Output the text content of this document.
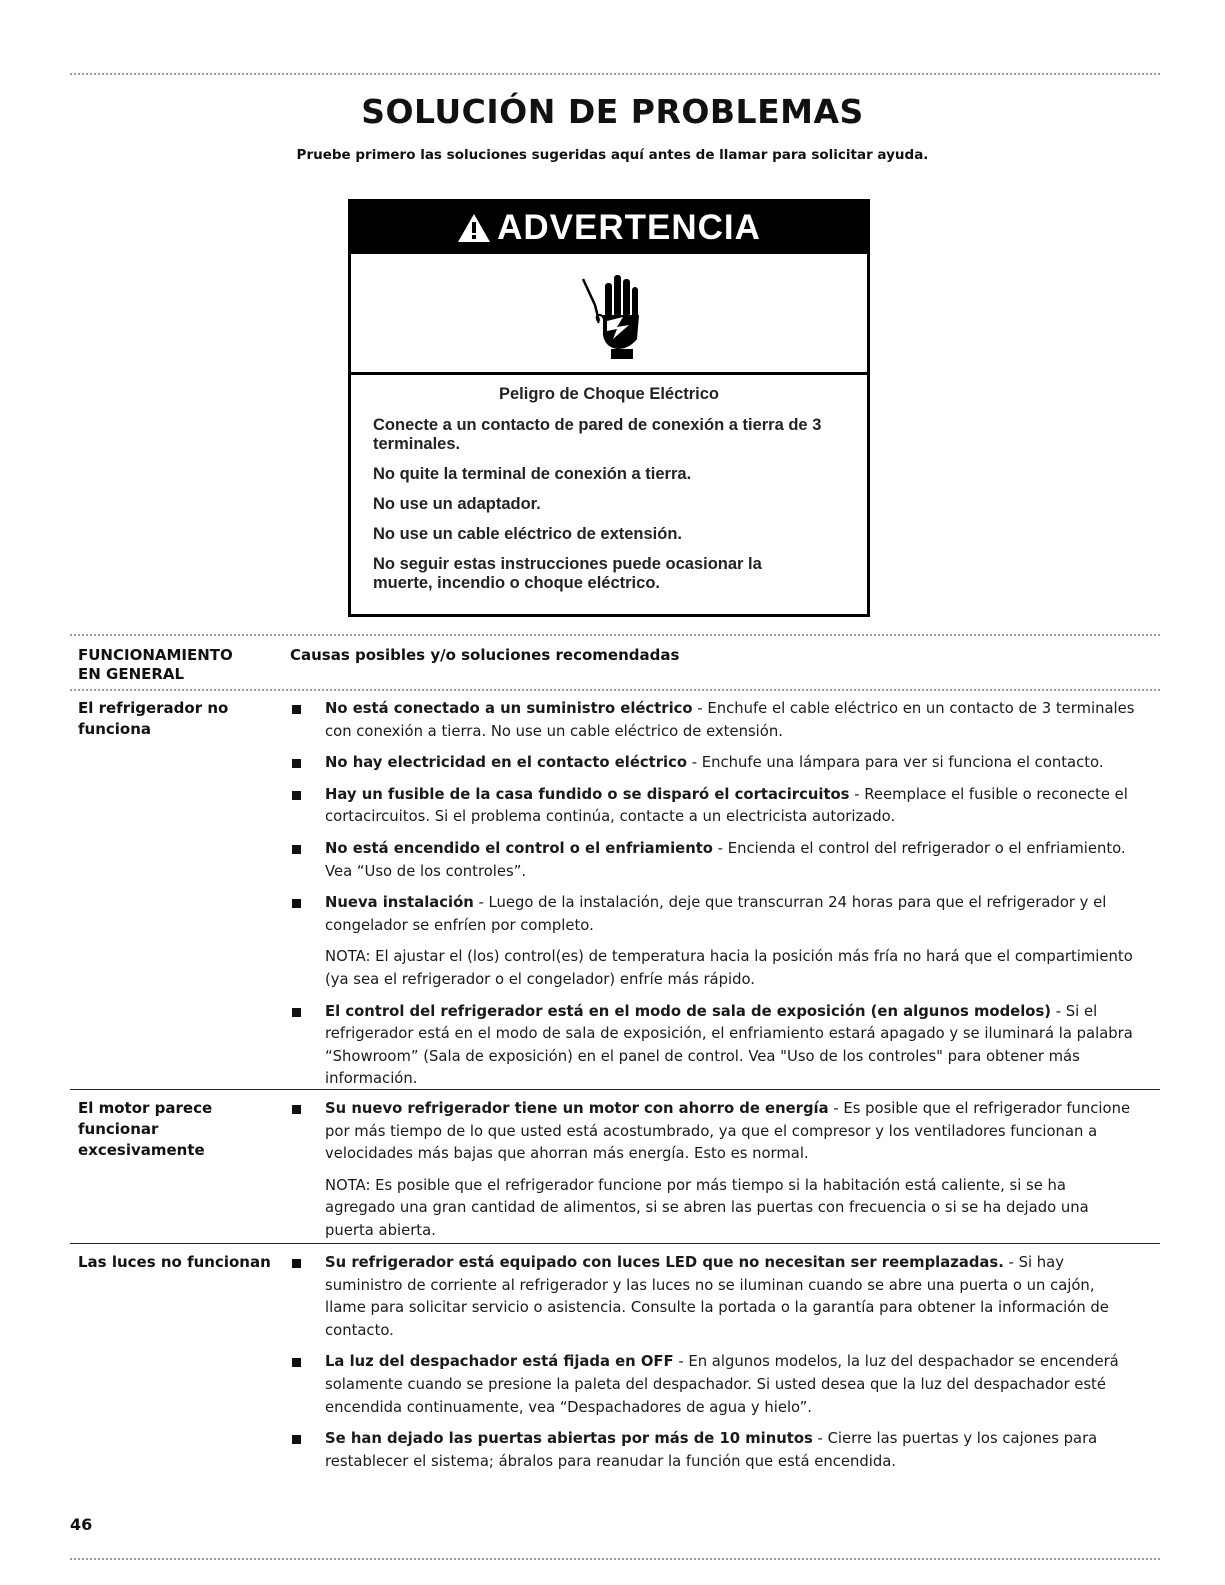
SOLUCIÓN DE PROBLEMAS

Pruebe primero las soluciones sugeridas aquí antes de llamar para solicitar ayuda.

ADVERTENCIA

Peligro de Choque Eléctrico

Conecte a un contacto de pared de conexión a tierra de 3 terminales.

No quite la terminal de conexión a tierra.

No use un adaptador.

No use un cable eléctrico de extensión.

No seguir estas instrucciones puede ocasionar la muerte, incendio o choque eléctrico.

FUNCIONAMIENTO EN GENERAL
Causas posibles y/o soluciones recomendadas
El refrigerador no funciona
No está conectado a un suministro eléctrico - Enchufe el cable eléctrico en un contacto de 3 terminales con conexión a tierra. No use un cable eléctrico de extensión.
No hay electricidad en el contacto eléctrico - Enchufe una lámpara para ver si funciona el contacto.
Hay un fusible de la casa fundido o se disparó el cortacircuitos - Reemplace el fusible o reconecte el cortacircuitos. Si el problema continúa, contacte a un electricista autorizado.
No está encendido el control o el enfriamiento - Encienda el control del refrigerador o el enfriamiento. Vea “Uso de los controles”.
Nueva instalación - Luego de la instalación, deje que transcurran 24 horas para que el refrigerador y el congelador se enfríen por completo.
NOTA: El ajustar el (los) control(es) de temperatura hacia la posición más fría no hará que el compartimiento (ya sea el refrigerador o el congelador) enfríe más rápido.
El control del refrigerador está en el modo de sala de exposición (en algunos modelos) - Si el refrigerador está en el modo de sala de exposición, el enfriamiento estará apagado y se iluminará la palabra “Showroom” (Sala de exposición) en el panel de control. Vea "Uso de los controles" para obtener más información.
El motor parece funcionar excesivamente
Su nuevo refrigerador tiene un motor con ahorro de energía - Es posible que el refrigerador funcione por más tiempo de lo que usted está acostumbrado, ya que el compresor y los ventiladores funcionan a velocidades más bajas que ahorran más energía. Esto es normal.
NOTA: Es posible que el refrigerador funcione por más tiempo si la habitación está caliente, si se ha agregado una gran cantidad de alimentos, si se abren las puertas con frecuencia o si se ha dejado una puerta abierta.
Las luces no funcionan	Su refrigerador está equipado con luces LED que no necesitan ser reemplazadas. - Si hay suministro de corriente al refrigerador y las luces no se iluminan cuando se abre una puerta o un cajón, llame para solicitar servicio o asistencia. Consulte la portada o la garantía para obtener la información de contacto.
La luz del despachador está fijada en OFF - En algunos modelos, la luz del despachador se encenderá solamente cuando se presione la paleta del despachador. Si usted desea que la luz del despachador esté encendida continuamente, vea “Despachadores de agua y hielo”.
Se han dejado las puertas abiertas por más de 10 minutos - Cierre las puertas y los cajones para restablecer el sistema; ábralos para reanudar la función que está encendida.
46
